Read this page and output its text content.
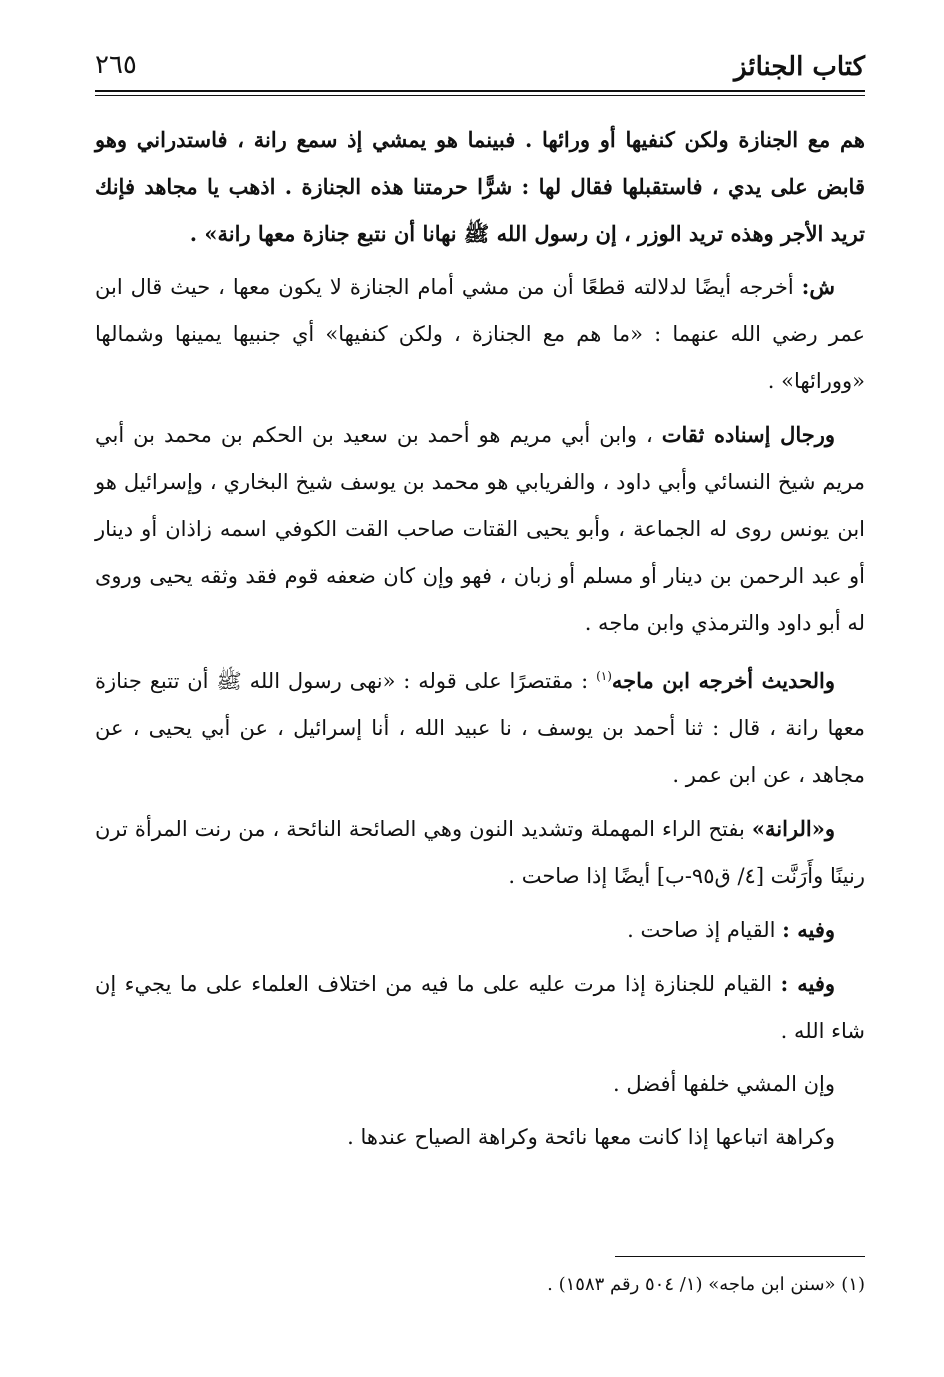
كتاب الجنائز
٢٦٥

هم مع الجنازة ولكن كنفيها أو ورائها . فبينما هو يمشي إذ سمع رانة ، فاستدراني وهو قابض على يدي ، فاستقبلها فقال لها : شرًّا حرمتنا هذه الجنازة . اذهب يا مجاهد فإنك تريد الأجر وهذه تريد الوزر ، إن رسول الله ﷺ نهانا أن نتبع جنازة معها رانة» .

ش: أخرجه أيضًا لدلالته قطعًا أن من مشي أمام الجنازة لا يكون معها ، حيث قال ابن عمر رضي الله عنهما : «ما هم مع الجنازة ، ولكن كنفيها» أي جنبيها يمينها وشمالها «وورائها» .

ورجال إسناده ثقات ، وابن أبي مريم هو أحمد بن سعيد بن الحكم بن محمد بن أبي مريم شيخ النسائي وأبي داود ، والفريابي هو محمد بن يوسف شيخ البخاري ، وإسرائيل هو ابن يونس روى له الجماعة ، وأبو يحيى القتات صاحب القت الكوفي اسمه زاذان أو دينار أو عبد الرحمن بن دينار أو مسلم أو زبان ، فهو وإن كان ضعفه قوم فقد وثقه يحيى وروى له أبو داود والترمذي وابن ماجه .

والحديث أخرجه ابن ماجه$^{(١)}$ : مقتصرًا على قوله : «نهى رسول الله ﷺ أن تتبع جنازة معها رانة ، قال : ثنا أحمد بن يوسف ، نا عبيد الله ، أنا إسرائيل ، عن أبي يحيى ، عن مجاهد ، عن ابن عمر .

و«الرانة» بفتح الراء المهملة وتشديد النون وهي الصائحة النائحة ، من رنت المرأة ترن رنينًا وأَرَنَّت [٤/ ق٩٥-ب] أيضًا إذا صاحت .

وفيه : القيام إذ صاحت .

وفيه : القيام للجنازة إذا مرت عليه على ما فيه من اختلاف العلماء على ما يجيء إن شاء الله .

وإن المشي خلفها أفضل .

وكراهة اتباعها إذا كانت معها نائحة وكراهة الصياح عندها .

(١) «سنن ابن ماجه» (١/ ٥٠٤ رقم ١٥٨٣) .
